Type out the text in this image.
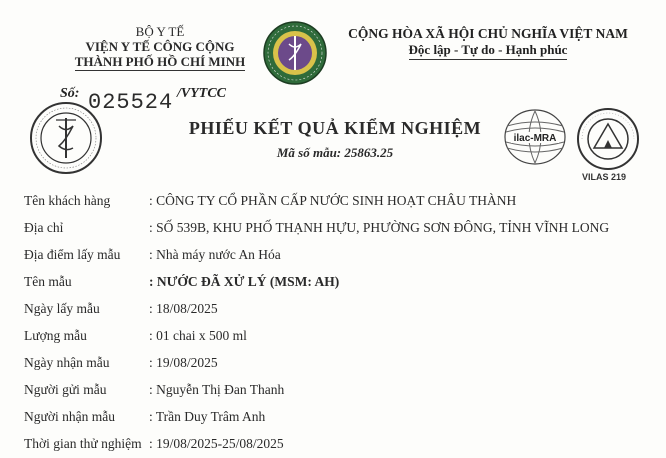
BỘ Y TẾ
VIỆN Y TẾ CÔNG CỘNG
THÀNH PHỐ HỒ CHÍ MINH
CỘNG HÒA XÃ HỘI CHỦ NGHĨA VIỆT NAM
Độc lập - Tự do - Hạnh phúc
Số: 025524 /VYTCC
PHIẾU KẾT QUẢ KIỂM NGHIỆM
Mã số mẫu: 25863.25
ilac-MRA
VILAS 219
Tên khách hàng	: CÔNG TY CỔ PHẦN CẤP NƯỚC SINH HOẠT CHÂU THÀNH
Địa chỉ	: SỐ 539B, KHU PHỐ THẠNH HỰU, PHƯỜNG SƠN ĐÔNG, TỈNH VĨNH LONG
Địa điểm lấy mẫu	: Nhà máy nước An Hóa
Tên mẫu	: NƯỚC ĐÃ XỬ LÝ (MSM: AH)
Ngày lấy mẫu	: 18/08/2025
Lượng mẫu	: 01 chai x 500 ml
Ngày nhận mẫu	: 19/08/2025
Người gửi mẫu	: Nguyễn Thị Đan Thanh
Người nhận mẫu	: Trần Duy Trâm Anh
Thời gian thử nghiệm : 19/08/2025-25/08/2025
